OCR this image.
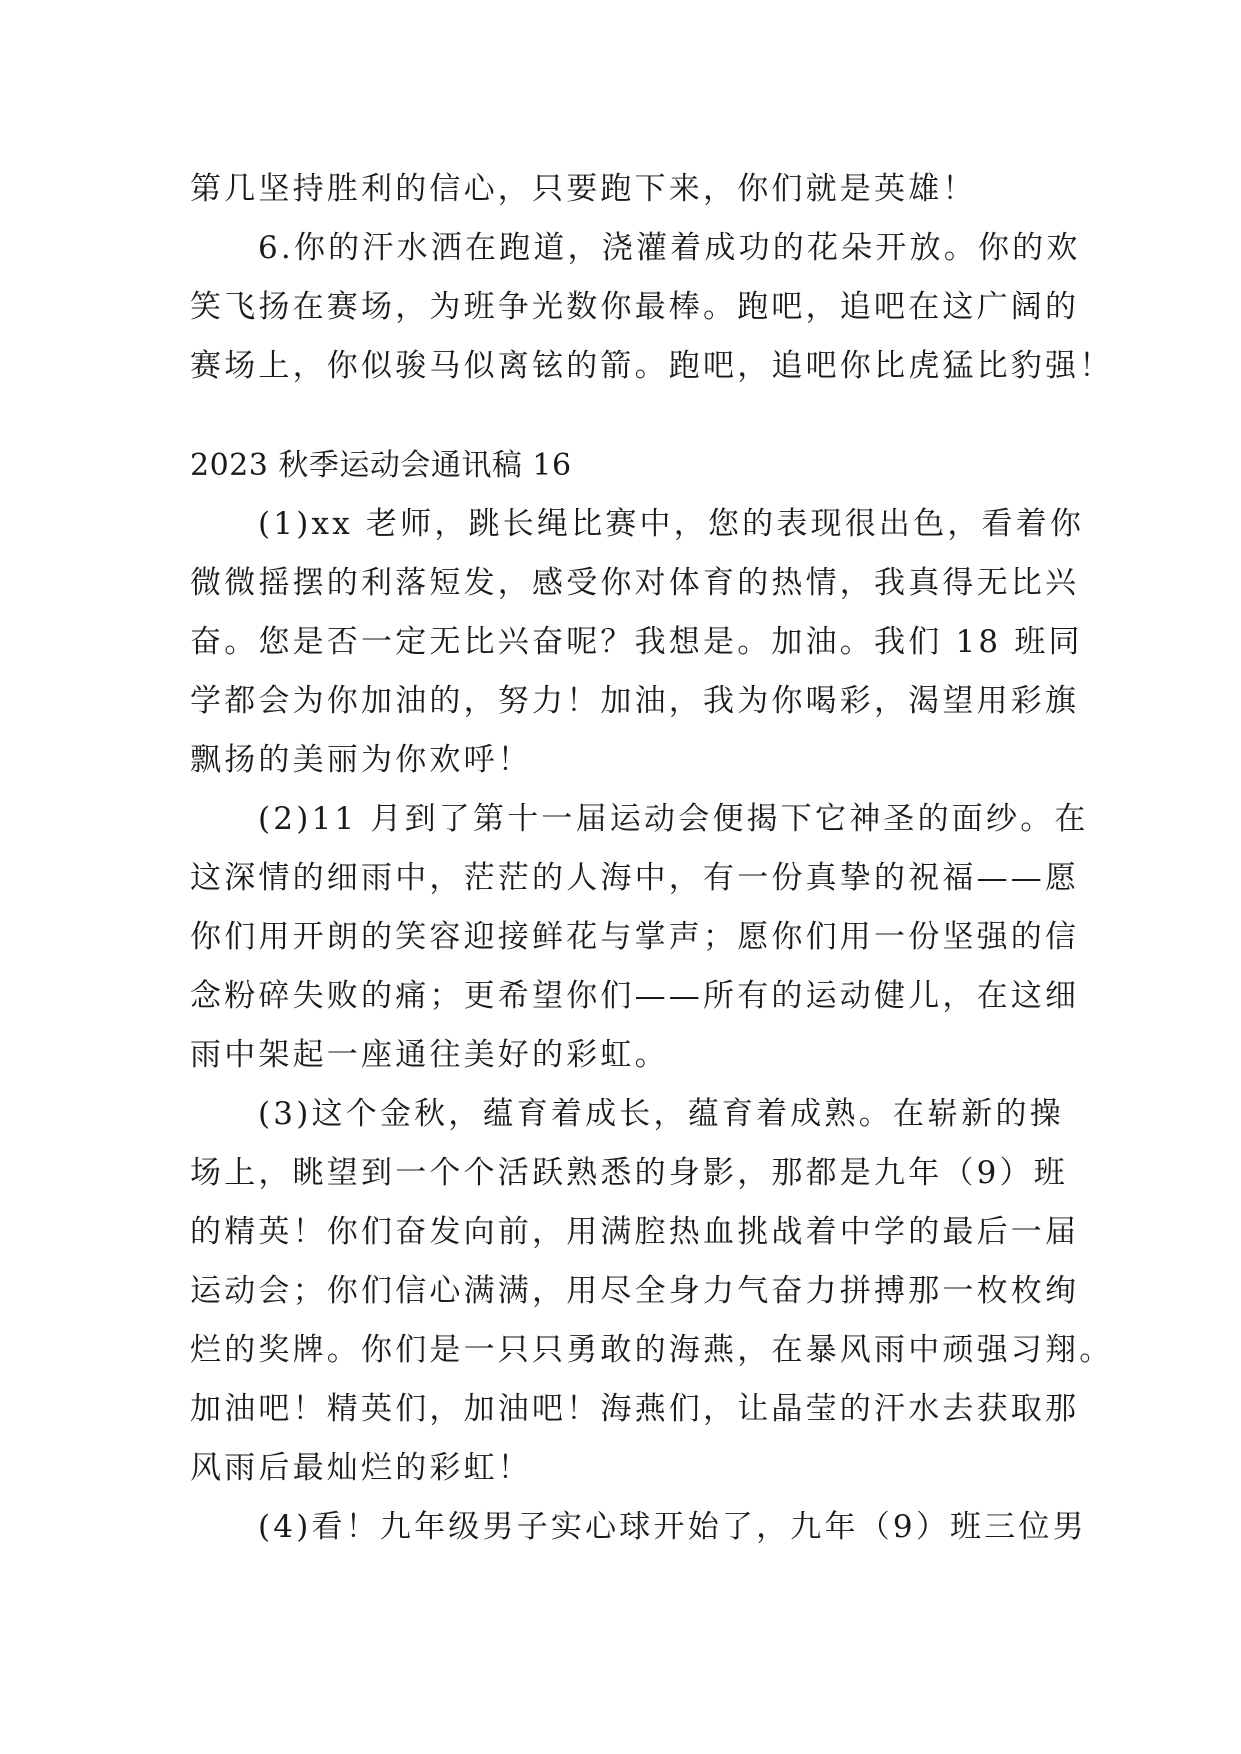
第几坚持胜利的信心，只要跑下来，你们就是英雄！
6.你的汗水洒在跑道，浇灌着成功的花朵开放。你的欢
笑飞扬在赛场，为班争光数你最棒。跑吧，追吧在这广阔的
赛场上，你似骏马似离铉的箭。跑吧，追吧你比虎猛比豹强！
2023 秋季运动会通讯稿 16
(1)xx 老师，跳长绳比赛中，您的表现很出色，看着你
微微摇摆的利落短发，感受你对体育的热情，我真得无比兴
奋。您是否一定无比兴奋呢？我想是。加油。我们 18 班同
学都会为你加油的，努力！加油，我为你喝彩，渴望用彩旗
飘扬的美丽为你欢呼！
(2)11 月到了第十一届运动会便揭下它神圣的面纱。在
这深情的细雨中，茫茫的人海中，有一份真挚的祝福——愿
你们用开朗的笑容迎接鲜花与掌声；愿你们用一份坚强的信
念粉碎失败的痛；更希望你们——所有的运动健儿，在这细
雨中架起一座通往美好的彩虹。
(3)这个金秋，蕴育着成长，蕴育着成熟。在崭新的操
场上，眺望到一个个活跃熟悉的身影，那都是九年（9）班
的精英！你们奋发向前，用满腔热血挑战着中学的最后一届
运动会；你们信心满满，用尽全身力气奋力拼搏那一枚枚绚
烂的奖牌。你们是一只只勇敢的海燕，在暴风雨中顽强习翔。
加油吧！精英们，加油吧！海燕们，让晶莹的汗水去获取那
风雨后最灿烂的彩虹！
(4)看！九年级男子实心球开始了，九年（9）班三位男
